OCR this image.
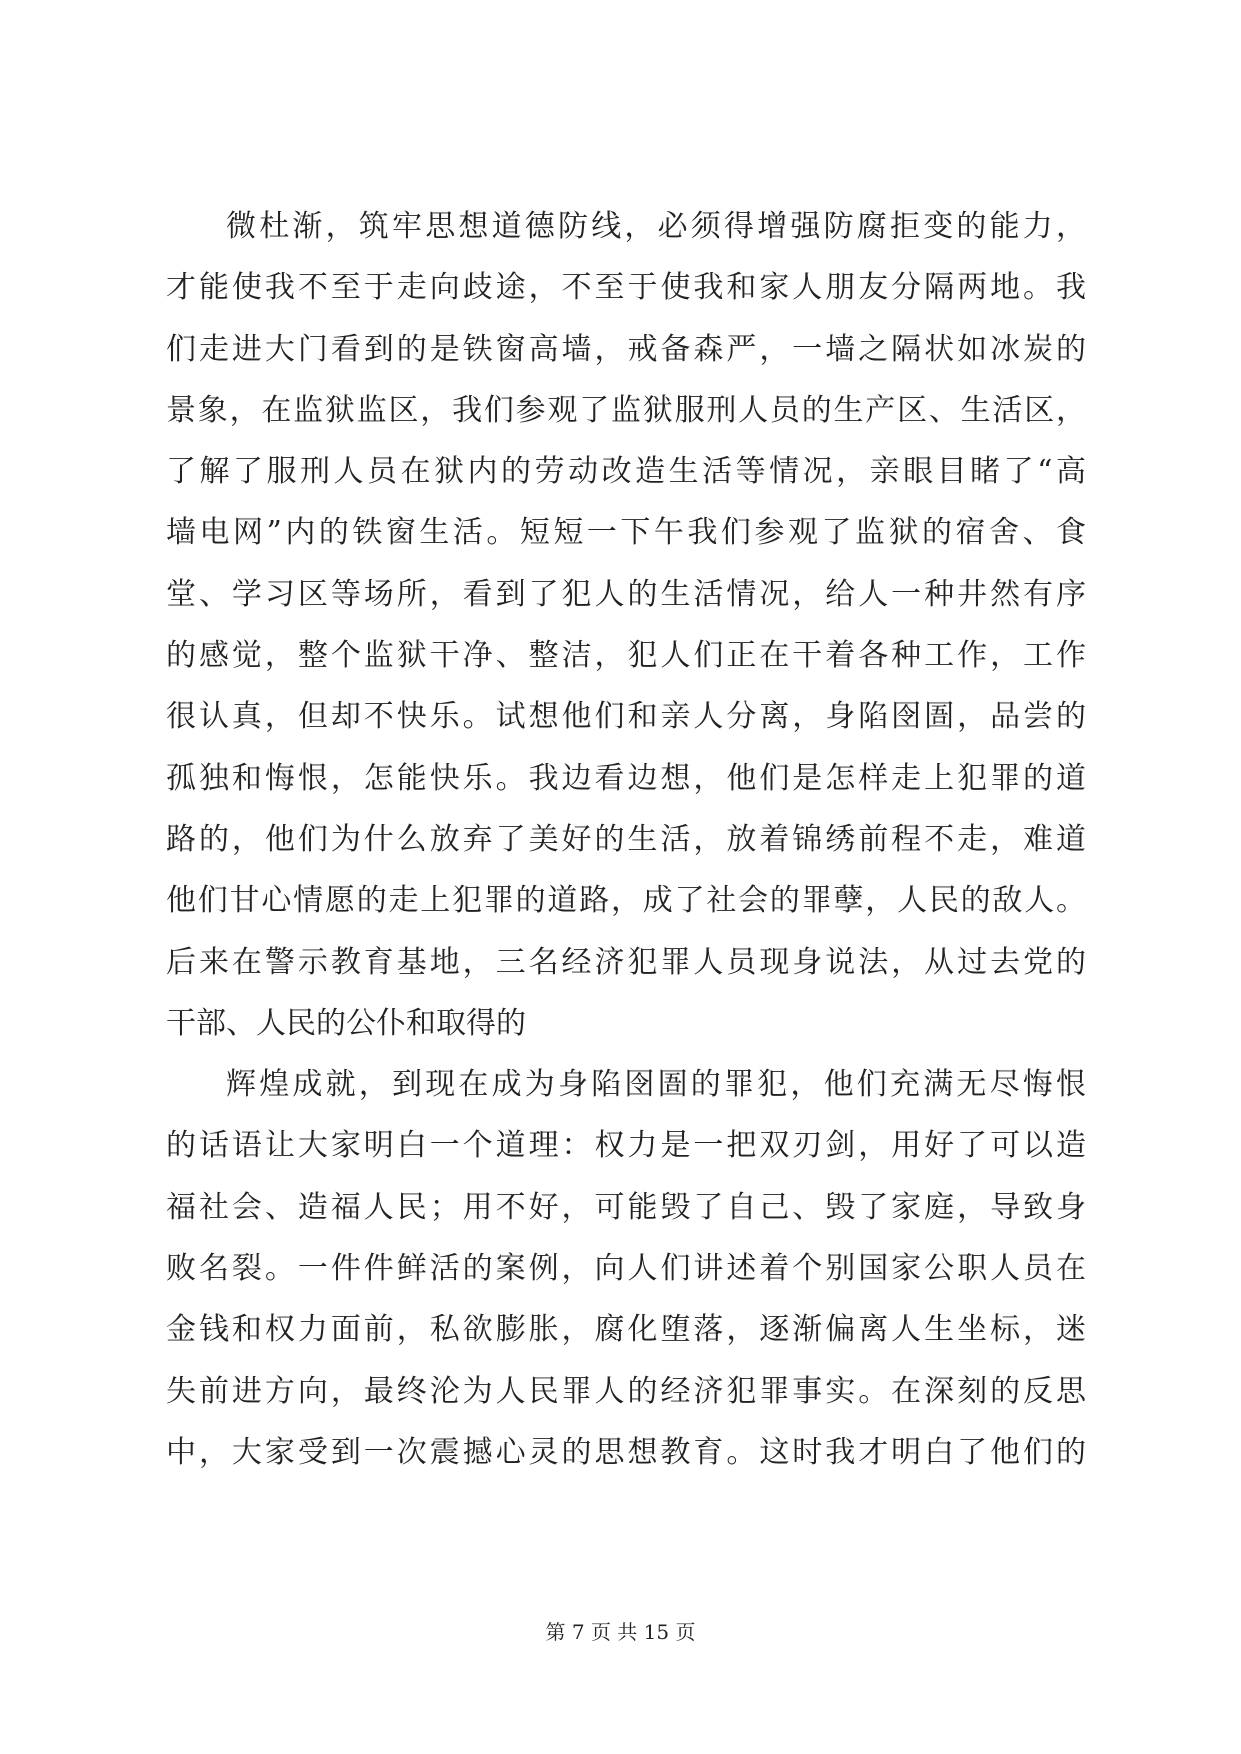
微杜渐，筑牢思想道德防线，必须得增强防腐拒变的能力，
才能使我不至于走向歧途，不至于使我和家人朋友分隔两地。我
们走进大门看到的是铁窗高墙，戒备森严，一墙之隔状如冰炭的
景象，在监狱监区，我们参观了监狱服刑人员的生产区、生活区，
了解了服刑人员在狱内的劳动改造生活等情况，亲眼目睹了“高
墙电网”内的铁窗生活。短短一下午我们参观了监狱的宿舍、食
堂、学习区等场所，看到了犯人的生活情况，给人一种井然有序
的感觉，整个监狱干净、整洁，犯人们正在干着各种工作，工作
很认真，但却不快乐。试想他们和亲人分离，身陷囹圄，品尝的
孤独和悔恨，怎能快乐。我边看边想，他们是怎样走上犯罪的道
路的，他们为什么放弃了美好的生活，放着锦绣前程不走，难道
他们甘心情愿的走上犯罪的道路，成了社会的罪孽，人民的敌人。
后来在警示教育基地，三名经济犯罪人员现身说法，从过去党的
干部、人民的公仆和取得的
辉煌成就，到现在成为身陷囹圄的罪犯，他们充满无尽悔恨
的话语让大家明白一个道理：权力是一把双刃剑，用好了可以造
福社会、造福人民；用不好，可能毁了自己、毁了家庭，导致身
败名裂。一件件鲜活的案例，向人们讲述着个别国家公职人员在
金钱和权力面前，私欲膨胀，腐化堕落，逐渐偏离人生坐标，迷
失前进方向，最终沦为人民罪人的经济犯罪事实。在深刻的反思
中，大家受到一次震撼心灵的思想教育。这时我才明白了他们的
第 7 页 共 15 页
